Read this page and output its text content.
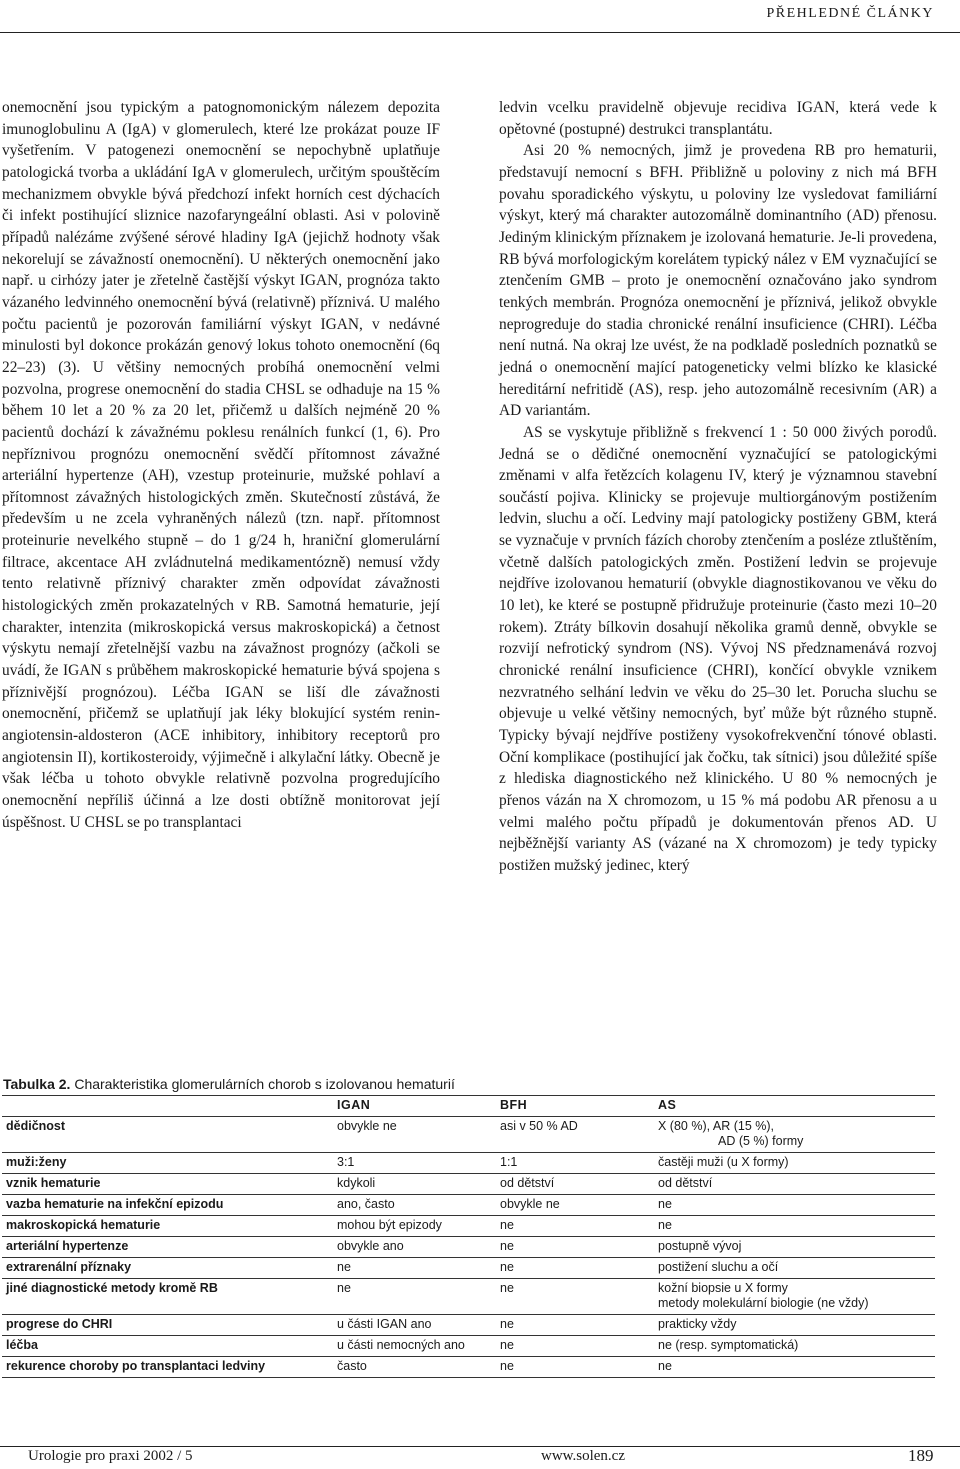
PŘEHLEDNÉ ČLÁNKY

onemocnění jsou typickým a patognomonickým nálezem depozita imunoglobulinu A (IgA) v glomerulech, které lze prokázat pouze IF vyšetřením. V patogenezi onemocnění se nepochybně uplatňuje patologická tvorba a ukládání IgA v glomerulech, určitým spouštěcím mechanizmem obvykle bývá předchozí infekt horních cest dýchacích či infekt postihující sliznice nazofaryngeální oblasti. Asi v polovině případů nalézáme zvýšené sérové hladiny IgA (jejichž hodnoty však nekorelují se závažností onemocnění). U některých onemocnění jako např. u cirhózy jater je zřetelně častější výskyt IGAN, prognóza takto vázaného ledvinného onemocnění bývá (relativně) příznivá. U malého počtu pacientů je pozorován familiární výskyt IGAN, v nedávné minulosti byl dokonce prokázán genový lokus tohoto onemocnění (6q 22–23) (3). U většiny nemocných probíhá onemocnění velmi pozvolna, progrese onemocnění do stadia CHSL se odhaduje na 15 % během 10 let a 20 % za 20 let, přičemž u dalších nejméně 20 % pacientů dochází k závažnému poklesu renálních funkcí (1, 6). Pro nepříznivou prognózu onemocnění svědčí přítomnost závažné arteriální hypertenze (AH), vzestup proteinurie, mužské pohlaví a přítomnost závažných histologických změn. Skutečností zůstává, že především u ne zcela vyhraněných nálezů (tzn. např. přítomnost proteinurie nevelkého stupně – do 1 g/24 h, hraniční glomerulární filtrace, akcentace AH zvládnutelná medikamentózně) nemusí vždy tento relativně příznivý charakter změn odpovídat závažnosti histologických změn prokazatelných v RB. Samotná hematurie, její charakter, intenzita (mikroskopická versus makroskopická) a četnost výskytu nemají zřetelnější vazbu na závažnost prognózy (ačkoli se uvádí, že IGAN s průběhem makroskopické hematurie bývá spojena s příznivější prognózou). Léčba IGAN se liší dle závažnosti onemocnění, přičemž se uplatňují jak léky blokující systém renin-angiotensin-aldosteron (ACE inhibitory, inhibitory receptorů pro angiotensin II), kortikosteroidy, výjimečně i alkylační látky. Obecně je však léčba u tohoto obvykle relativně pozvolna progredujícího onemocnění nepříliš účinná a lze dosti obtížně monitorovat její úspěšnost. U CHSL se po transplantaci

ledvin vcelku pravidelně objevuje recidiva IGAN, která vede k opětovné (postupné) destrukci transplantátu.

Asi 20 % nemocných, jimž je provedena RB pro hematurii, představují nemocní s BFH. Přibližně u poloviny z nich má BFH povahu sporadického výskytu, u poloviny lze vysledovat familiární výskyt, který má charakter autozomálně dominantního (AD) přenosu. Jediným klinickým příznakem je izolovaná hematurie. Je-li provedena, RB bývá morfologickým korelátem typický nález v EM vyznačující se ztenčením GMB – proto je onemocnění označováno jako syndrom tenkých membrán. Prognóza onemocnění je příznivá, jelikož obvykle neprogreduje do stadia chronické renální insuficience (CHRI). Léčba není nutná. Na okraj lze uvést, že na podkladě posledních poznatků se jedná o onemocnění mající patogeneticky velmi blízko ke klasické hereditární nefritidě (AS), resp. jeho autozomálně recesivním (AR) a AD variantám.

AS se vyskytuje přibližně s frekvencí 1 : 50 000 živých porodů. Jedná se o dědičné onemocnění vyznačující se patologickými změnami v alfa řetězcích kolagenu IV, který je významnou stavební součástí pojiva. Klinicky se projevuje multiorgánovým postižením ledvin, sluchu a očí. Ledviny mají patologicky postiženy GBM, která se vyznačuje v prvních fázích choroby ztenčením a posléze ztluštěním, včetně dalších patologických změn. Postižení ledvin se projevuje nejdříve izolovanou hematurií (obvykle diagnostikovanou ve věku do 10 let), ke které se postupně přidružuje proteinurie (často mezi 10–20 rokem). Ztráty bílkovin dosahují několika gramů denně, obvykle se rozvijí nefrotický syndrom (NS). Vývoj NS předznamenává rozvoj chronické renální insuficience (CHRI), končící obvykle vznikem nezvratného selhání ledvin ve věku do 25–30 let. Porucha sluchu se objevuje u velké většiny nemocných, byť může být různého stupně. Typicky bývají nejdříve postiženy vysokofrekvenční tónové oblasti. Oční komplikace (postihující jak čočku, tak sítnici) jsou důležité spíše z hlediska diagnostického než klinického. U 80 % nemocných je přenos vázán na X chromozom, u 15 % má podobu AR přenosu a u velmi malého počtu případů je dokumentován přenos AD. U nejběžnější varianty AS (vázané na X chromozom) je tedy typicky postižen mužský jedinec, který

Tabulka 2. Charakteristika glomerulárních chorob s izolovanou hematurií
	IGAN	BFH	AS
dědičnost	obvykle ne	asi v 50 % AD	X (80 %), AR (15 %),
AD (5 %) formy

muži:ženy	3:1	1:1	častěji muži (u X formy)

vznik hematurie	kdykoli	od dětství	od dětství

vazba hematurie na infekční epizodu	ano, často	obvykle ne	ne

makroskopická hematurie	mohou být epizody	ne	ne

arteriální hypertenze	obvykle ano	ne	postupně vývoj

extrarenální příznaky	ne	ne	postižení sluchu a očí

jiné diagnostické metody kromě RB	ne	ne	kožní biopsie u X formy
metody molekulární biologie (ne vždy)

progrese do CHRI	u části IGAN ano	ne	prakticky vždy

léčba	u části nemocných ano	ne	ne (resp. symptomatická)

rekurence choroby po transplantaci ledviny	často	ne	ne
Urologie pro praxi 2002 / 5	www.solen.cz	189
